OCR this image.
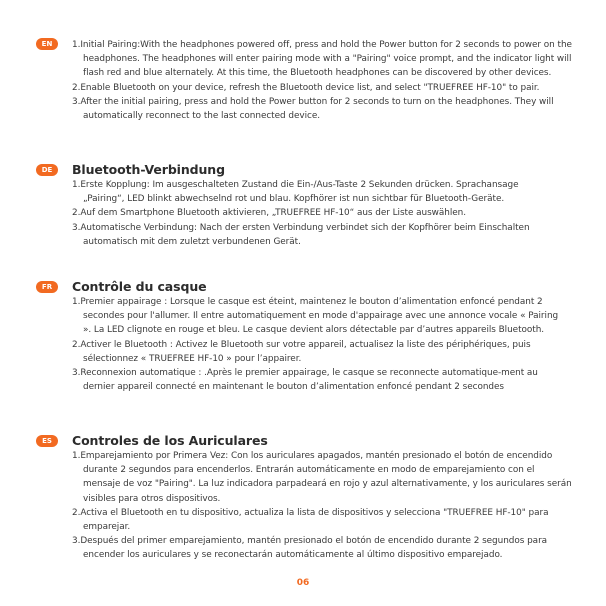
EN	1.Initial Pairing:With the headphones powered off, press and hold the Power button for 2 seconds to power on the headphones. The headphones will enter pairing mode with a "Pairing" voice prompt, and the indicator light will flash red and blue alternately. At this time, the Bluetooth headphones can be discovered by other devices.
2.Enable Bluetooth on your device, refresh the Bluetooth device list, and select "TRUEFREE HF-10" to pair.
3.After the initial pairing, press and hold the Power button for 2 seconds to turn on the headphones. They will automatically reconnect to the last connected device.
DE	Bluetooth-Verbindung
1.Erste Kopplung: Im ausgeschalteten Zustand die Ein-/Aus-Taste 2 Sekunden drücken. Sprachansage „Pairing“, LED blinkt abwechselnd rot und blau. Kopfhörer ist nun sichtbar für Bluetooth-Geräte.
2.Auf dem Smartphone Bluetooth aktivieren, „TRUEFREE HF-10“ aus der Liste auswählen.
3.Automatische Verbindung: Nach der ersten Verbindung verbindet sich der Kopfhörer beim Einschalten automatisch mit dem zuletzt verbundenen Gerät.
FR	Contrôle du casque
1.Premier appairage : Lorsque le casque est éteint, maintenez le bouton d’alimentation enfoncé pendant 2 secondes pour l'allumer. Il entre automatiquement en mode d'appairage avec une annonce vocale « Pairing ». La LED clignote en rouge et bleu. Le casque devient alors détectable par d’autres appareils Bluetooth.
2.Activer le Bluetooth : Activez le Bluetooth sur votre appareil, actualisez la liste des périphériques, puis sélectionnez « TRUEFREE HF-10 » pour l’appairer.
3.Reconnexion automatique : .Après le premier appairage, le casque se reconnecte automatique-ment au dernier appareil connecté en maintenant le bouton d’alimentation enfoncé pendant 2 secondes
ES	Controles de los Auriculares
1.Emparejamiento por Primera Vez: Con los auriculares apagados, mantén presionado el botón de encendido durante 2 segundos para encenderlos. Entrarán automáticamente en modo de emparejamiento con el mensaje de voz "Pairing". La luz indicadora parpadeará en rojo y azul alternativamente, y los auriculares serán visibles para otros dispositivos.
2.Activa el Bluetooth en tu dispositivo, actualiza la lista de dispositivos y selecciona "TRUEFREE HF-10" para emparejar.
3.Después del primer emparejamiento, mantén presionado el botón de encendido durante 2 segundos para encender los auriculares y se reconectarán automáticamente al último dispositivo emparejado.
06
